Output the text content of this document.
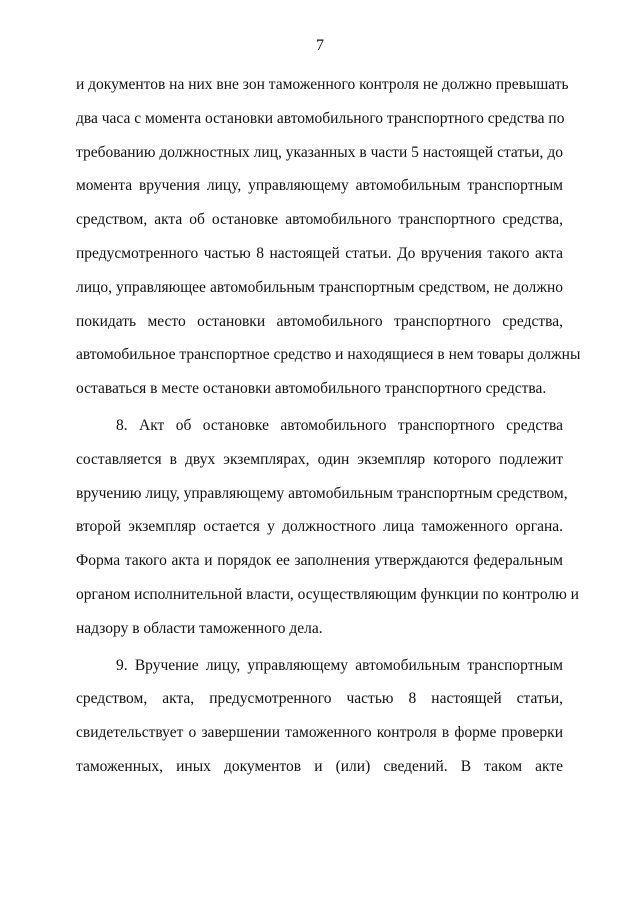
7

и документов на них вне зон таможенного контроля не должно превышать
два часа с момента остановки автомобильного транспортного средства по
требованию должностных лиц, указанных в части 5 настоящей статьи, до
момента вручения лицу, управляющему автомобильным транспортным
средством, акта об остановке автомобильного транспортного средства,
предусмотренного частью 8 настоящей статьи. До вручения такого акта
лицо, управляющее автомобильным транспортным средством, не должно
покидать место остановки автомобильного транспортного средства,
автомобильное транспортное средство и находящиеся в нем товары должны
оставаться в месте остановки автомобильного транспортного средства.

8. Акт об остановке автомобильного транспортного средства
составляется в двух экземплярах, один экземпляр которого подлежит
вручению лицу, управляющему автомобильным транспортным средством,
второй экземпляр остается у должностного лица таможенного органа.
Форма такого акта и порядок ее заполнения утверждаются федеральным
органом исполнительной власти, осуществляющим функции по контролю и
надзору в области таможенного дела.

9. Вручение лицу, управляющему автомобильным транспортным
средством, акта, предусмотренного частью 8 настоящей статьи,
свидетельствует о завершении таможенного контроля в форме проверки
таможенных, иных документов и (или) сведений. В таком акте
